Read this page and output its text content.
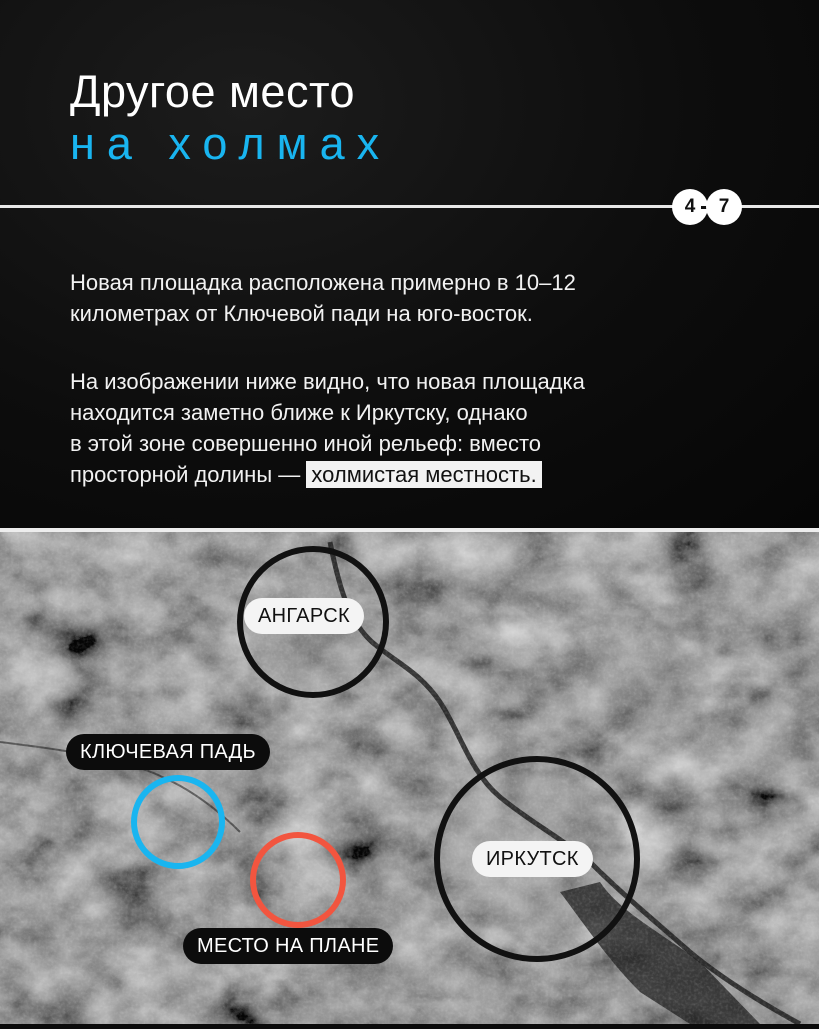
Другое место
на холмах
4	7

Новая площадка расположена примерно в 10–12
километрах от Ключевой пади на юго-восток.

На изображении ниже видно, что новая площадка
находится заметно ближе к Иркутску, однако
в этой зоне совершенно иной рельеф: вместо
просторной долины — холмистая местность.

АНГАРСК
КЛЮЧЕВАЯ ПАДЬ
МЕСТО НА ПЛАНЕ
ИРКУТСК
